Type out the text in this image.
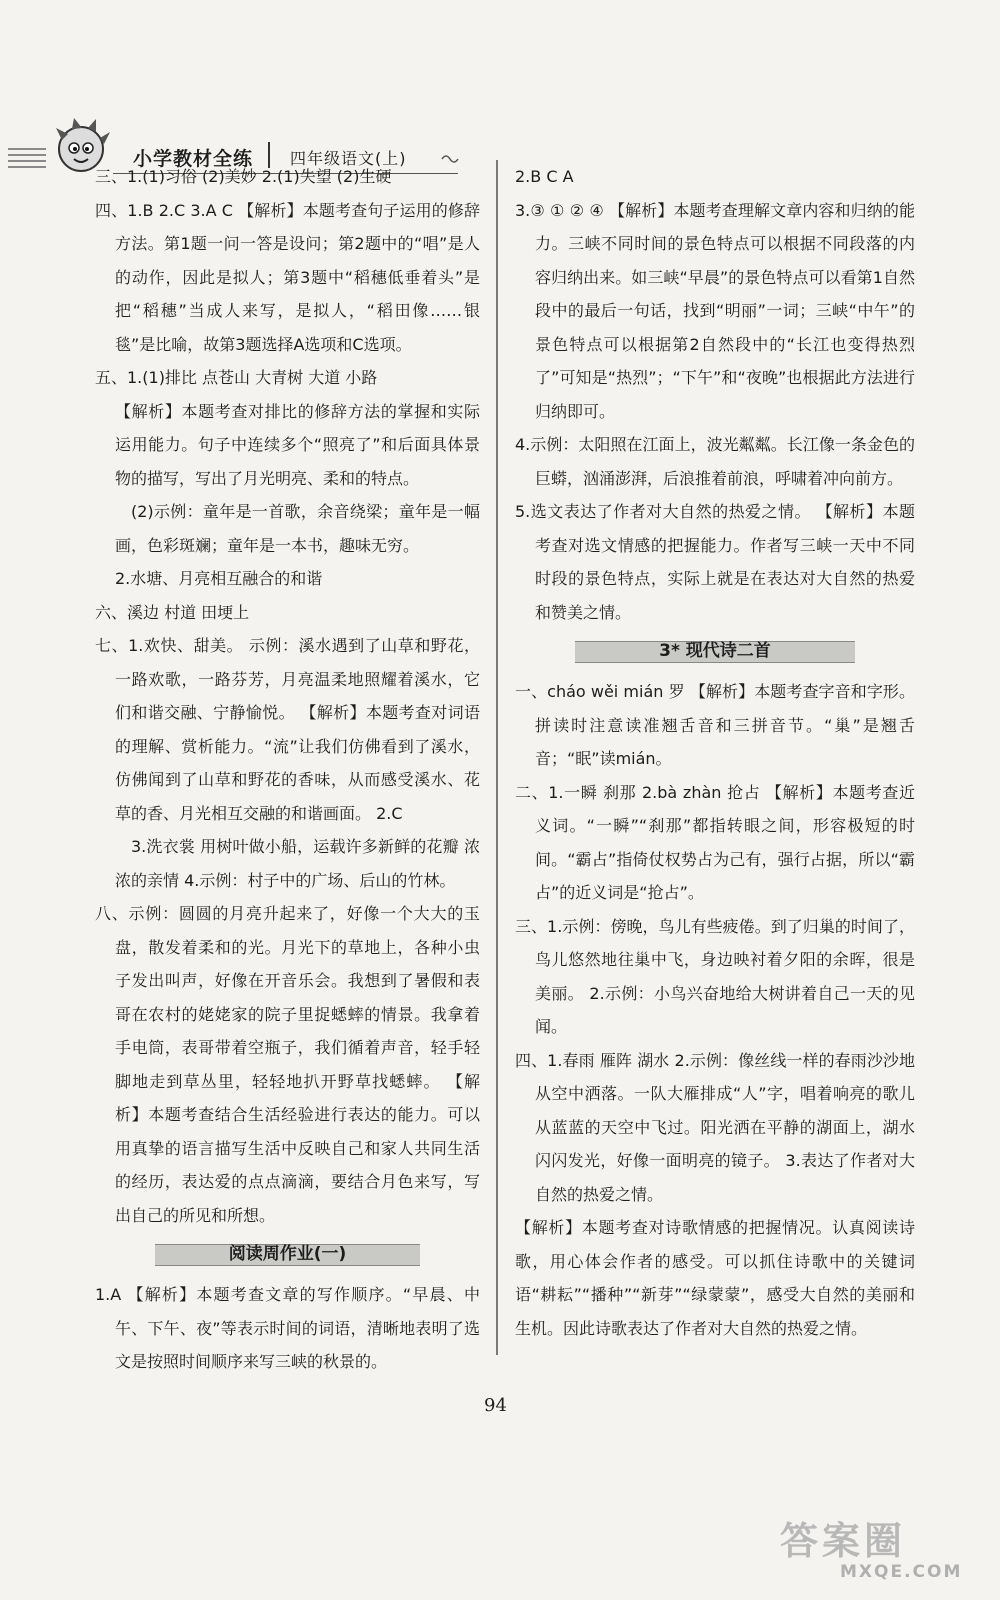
小学教材全练 四年级语文(上)

三、1.(1)习俗 (2)美妙 2.(1)失望 (2)生硬

四、1.B 2.C 3.A C 【解析】本题考查句子运用的修辞方法。第1题一问一答是设问；第2题中的“唱”是人的动作，因此是拟人；第3题中“稻穗低垂着头”是把“稻穗”当成人来写，是拟人，“稻田像……银毯”是比喻，故第3题选择A选项和C选项。

五、1.(1)排比 点苍山 大青树 大道 小路

【解析】本题考查对排比的修辞方法的掌握和实际运用能力。句子中连续多个“照亮了”和后面具体景物的描写，写出了月光明亮、柔和的特点。

(2)示例：童年是一首歌，余音绕梁；童年是一幅画，色彩斑斓；童年是一本书，趣味无穷。

2.水塘、月亮相互融合的和谐

六、溪边 村道 田埂上

七、1.欢快、甜美。 示例：溪水遇到了山草和野花，一路欢歌，一路芬芳，月亮温柔地照耀着溪水，它们和谐交融、宁静愉悦。 【解析】本题考查对词语的理解、赏析能力。“流”让我们仿佛看到了溪水，仿佛闻到了山草和野花的香味，从而感受溪水、花草的香、月光相互交融的和谐画面。 2.C

3.洗衣裳 用树叶做小船，运载许多新鲜的花瓣 浓浓的亲情 4.示例：村子中的广场、后山的竹林。

八、示例：圆圆的月亮升起来了，好像一个大大的玉盘，散发着柔和的光。月光下的草地上，各种小虫子发出叫声，好像在开音乐会。我想到了暑假和表哥在农村的姥姥家的院子里捉蟋蟀的情景。我拿着手电筒，表哥带着空瓶子，我们循着声音，轻手轻脚地走到草丛里，轻轻地扒开野草找蟋蟀。 【解析】本题考查结合生活经验进行表达的能力。可以用真挚的语言描写生活中反映自己和家人共同生活的经历，表达爱的点点滴滴，要结合月色来写，写出自己的所见和所想。

阅读周作业(一)

1.A 【解析】本题考查文章的写作顺序。“早晨、中午、下午、夜”等表示时间的词语，清晰地表明了选文是按照时间顺序来写三峡的秋景的。

2.B C A

3.③ ① ② ④ 【解析】本题考查理解文章内容和归纳的能力。三峡不同时间的景色特点可以根据不同段落的内容归纳出来。如三峡“早晨”的景色特点可以看第1自然段中的最后一句话，找到“明丽”一词；三峡“中午”的景色特点可以根据第2自然段中的“长江也变得热烈了”可知是“热烈”；“下午”和“夜晚”也根据此方法进行归纳即可。

4.示例：太阳照在江面上，波光粼粼。长江像一条金色的巨蟒，汹涌澎湃，后浪推着前浪，呼啸着冲向前方。

5.选文表达了作者对大自然的热爱之情。 【解析】本题考查对选文情感的把握能力。作者写三峡一天中不同时段的景色特点，实际上就是在表达对大自然的热爱和赞美之情。

3* 现代诗二首

一、cháo wěi mián 罗 【解析】本题考查字音和字形。拼读时注意读准翘舌音和三拼音节。“巢”是翘舌音；“眠”读mián。

二、1.一瞬 刹那 2.bà zhàn 抢占 【解析】本题考查近义词。“一瞬”“刹那”都指转眼之间，形容极短的时间。“霸占”指倚仗权势占为己有，强行占据，所以“霸占”的近义词是“抢占”。

三、1.示例：傍晚，鸟儿有些疲倦。到了归巢的时间了，鸟儿悠然地往巢中飞，身边映衬着夕阳的余晖，很是美丽。 2.示例：小鸟兴奋地给大树讲着自己一天的见闻。

四、1.春雨 雁阵 湖水 2.示例：像丝线一样的春雨沙沙地从空中洒落。一队大雁排成“人”字，唱着响亮的歌儿从蓝蓝的天空中飞过。阳光洒在平静的湖面上，湖水闪闪发光，好像一面明亮的镜子。 3.表达了作者对大自然的热爱之情。

【解析】本题考查对诗歌情感的把握情况。认真阅读诗歌，用心体会作者的感受。可以抓住诗歌中的关键词语“耕耘”“播种”“新芽”“绿蒙蒙”，感受大自然的美丽和生机。因此诗歌表达了作者对大自然的热爱之情。

94
答案圈
MXQE.COM
